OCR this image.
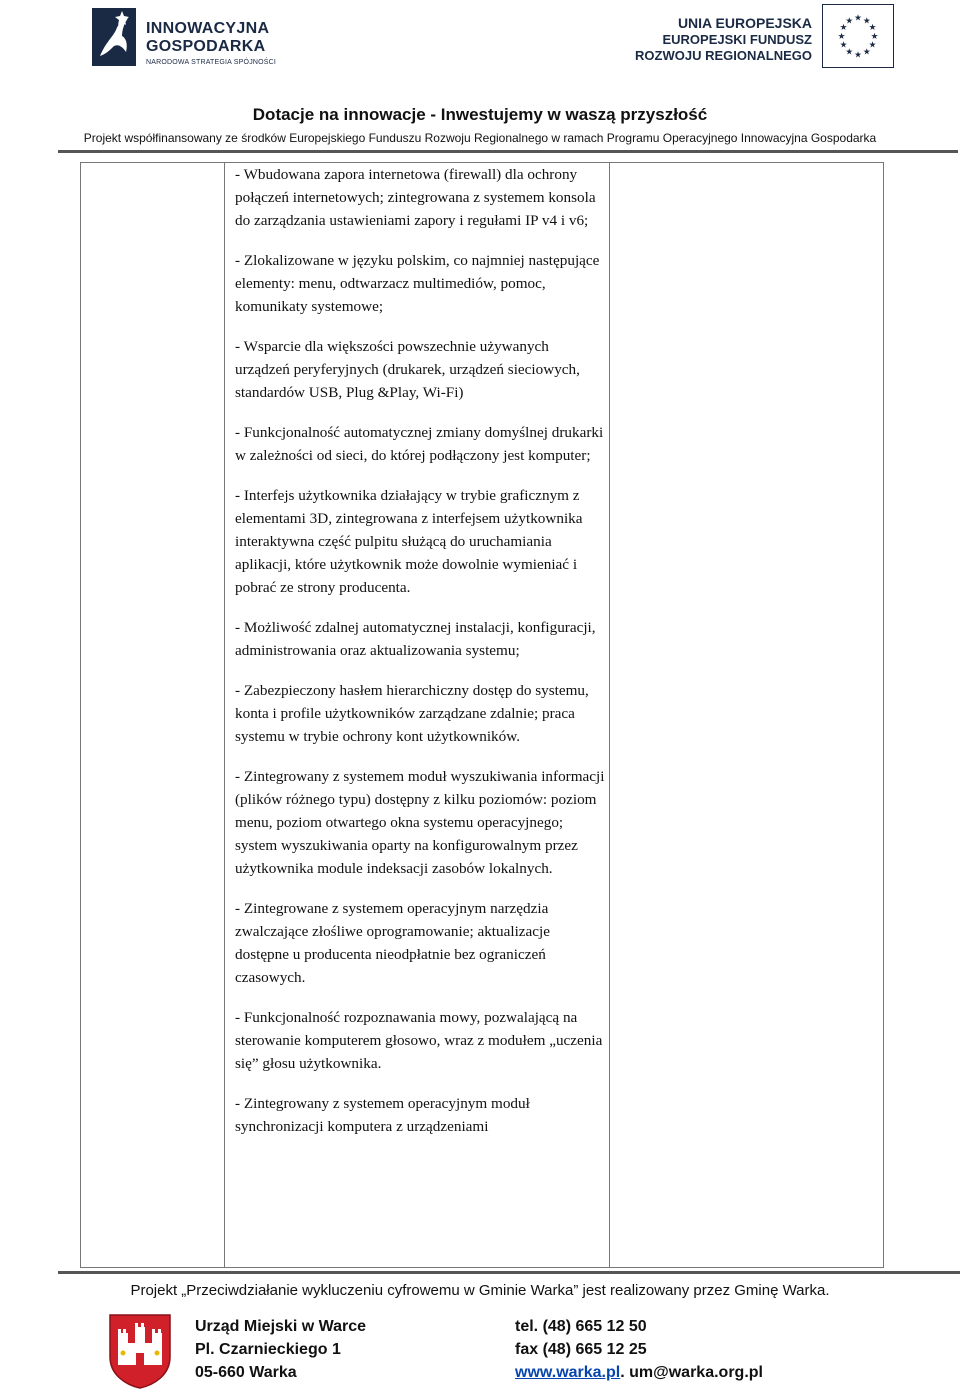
INNOWACYJNA
GOSPODARKA
NARODOWA STRATEGIA SPÓJNOŚCI
UNIA EUROPEJSKA
EUROPEJSKI FUNDUSZ
ROZWOJU REGIONALNEGO
★ ★
★
★
★
★
★
★
★
★
★
★
Dotacje na innowacje - Inwestujemy w waszą przyszłość
Projekt współfinansowany ze środków Europejskiego Funduszu Rozwoju Regionalnego w ramach Programu Operacyjnego Innowacyjna Gospodarka

- Wbudowana zapora internetowa (firewall) dla ochrony połączeń internetowych; zintegrowana z systemem konsola do zarządzania ustawieniami zapory i regułami IP v4 i v6;

- Zlokalizowane w języku polskim, co najmniej następujące elementy: menu, odtwarzacz multimediów, pomoc, komunikaty systemowe;

- Wsparcie dla większości powszechnie używanych urządzeń peryferyjnych (drukarek, urządzeń sieciowych, standardów USB, Plug &Play, Wi-Fi)

- Funkcjonalność automatycznej zmiany domyślnej drukarki w zależności od sieci, do której podłączony jest komputer;

- Interfejs użytkownika działający w trybie graficznym z elementami 3D, zintegrowana z interfejsem użytkownika interaktywna część pulpitu służącą do uruchamiania aplikacji, które użytkownik może dowolnie wymieniać i pobrać ze strony producenta.

- Możliwość zdalnej automatycznej instalacji, konfiguracji, administrowania oraz aktualizowania systemu;

- Zabezpieczony hasłem hierarchiczny dostęp do systemu, konta i profile użytkowników zarządzane zdalnie; praca systemu w trybie ochrony kont użytkowników.

- Zintegrowany z systemem moduł wyszukiwania informacji (plików różnego typu) dostępny z kilku poziomów: poziom menu, poziom otwartego okna systemu operacyjnego; system wyszukiwania oparty na konfigurowalnym przez użytkownika module indeksacji zasobów lokalnych.

- Zintegrowane z systemem operacyjnym narzędzia zwalczające złośliwe oprogramowanie; aktualizacje dostępne u producenta nieodpłatnie bez ograniczeń czasowych.

- Funkcjonalność rozpoznawania mowy, pozwalającą na sterowanie komputerem głosowo, wraz z modułem „uczenia się” głosu użytkownika.

- Zintegrowany z systemem operacyjnym moduł synchronizacji komputera z urządzeniami

Projekt „Przeciwdziałanie wykluczeniu cyfrowemu w Gminie Warka” jest realizowany przez Gminę Warka.
Urząd Miejski w Warce
Pl. Czarnieckiego 1
05-660 Warka
tel. (48) 665 12 50
fax (48) 665 12 25
www.warka.pl. um@warka.org.pl
